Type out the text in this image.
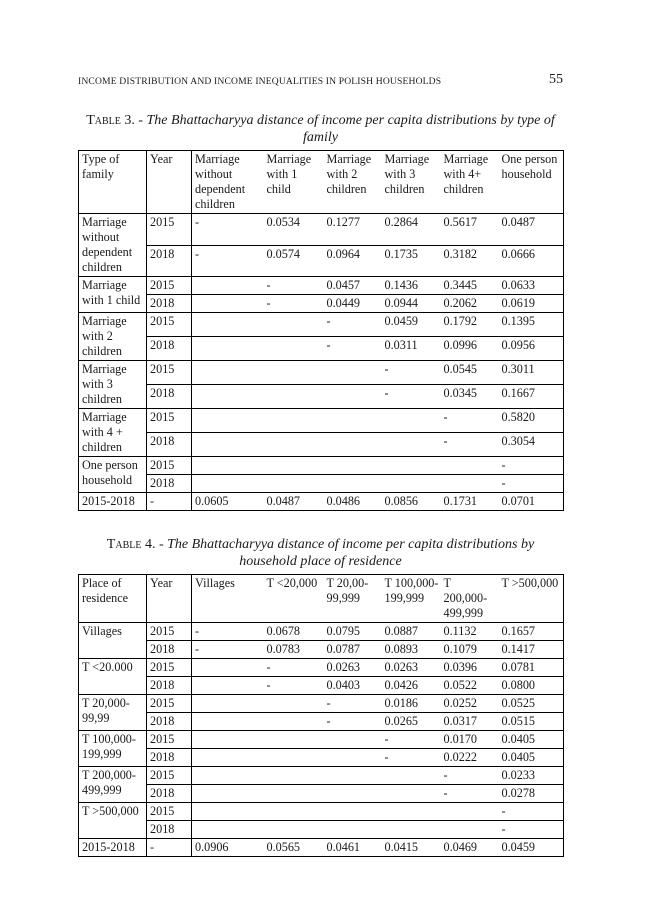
INCOME DISTRIBUTION AND INCOME INEQUALITIES IN POLISH HOUSEHOLDS	55
Table 3. - The Bhattacharyya distance of income per capita distributions by type of family
Type of family	Year	Marriage without dependent children	Marriage with 1 child	Marriage with 2 children	Marriage with 3 children	Marriage with 4+ children	One person household
Marriage without dependent children	2015	-	0.0534	0.1277	0.2864	0.5617	0.0487
	2018	-	0.0574	0.0964	0.1735	0.3182	0.0666
Marriage with 1 child	2015		-	0.0457	0.1436	0.3445	0.0633
	2018		-	0.0449	0.0944	0.2062	0.0619
Marriage with 2 children	2015			-	0.0459	0.1792	0.1395
	2018			-	0.0311	0.0996	0.0956
Marriage with 3 children	2015				-	0.0545	0.3011
	2018				-	0.0345	0.1667
Marriage with 4 + children	2015					-	0.5820
	2018					-	0.3054
One person household	2015						-
	2018						-
2015-2018	-	0.0605	0.0487	0.0486	0.0856	0.1731	0.0701
Table 4. - The Bhattacharyya distance of income per capita distributions by household place of residence
Place of residence	Year	Villages	T <20,000	T 20,00-99,999	T 100,000-199,999	T 200,000-499,999	T >500,000
Villages	2015	-	0.0678	0.0795	0.0887	0.1132	0.1657
	2018	-	0.0783	0.0787	0.0893	0.1079	0.1417
T <20.000	2015		-	0.0263	0.0263	0.0396	0.0781
	2018		-	0.0403	0.0426	0.0522	0.0800
T 20,000-99,99	2015			-	0.0186	0.0252	0.0525
	2018			-	0.0265	0.0317	0.0515
T 100,000-199,999	2015				-	0.0170	0.0405
	2018				-	0.0222	0.0405
T 200,000-499,999	2015					-	0.0233
	2018					-	0.0278
T >500,000	2015						-
	2018						-
2015-2018	-	0.0906	0.0565	0.0461	0.0415	0.0469	0.0459
